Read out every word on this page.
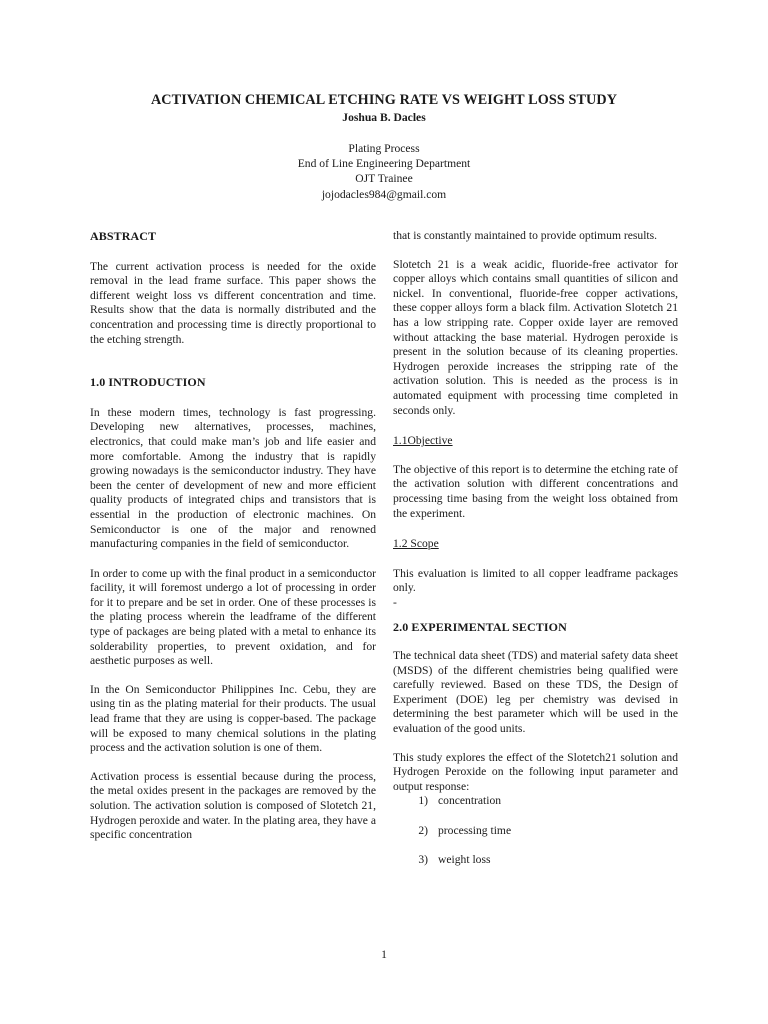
ACTIVATION CHEMICAL ETCHING RATE VS WEIGHT LOSS STUDY
Joshua B. Dacles
Plating Process
End of Line Engineering Department
OJT Trainee
jojodacles984@gmail.com
ABSTRACT

The current activation process is needed for the oxide removal in the lead frame surface. This paper shows the different weight loss vs different concentration and time. Results show that the data is normally distributed and the concentration and processing time is directly proportional to the etching strength.

1.0 INTRODUCTION

In these modern times, technology is fast progressing. Developing new alternatives, processes, machines, electronics, that could make man’s job and life easier and more comfortable. Among the industry that is rapidly growing nowadays is the semiconductor industry. They have been the center of development of new and more efficient quality products of integrated chips and transistors that is essential in the production of electronic machines. On Semiconductor is one of the major and renowned manufacturing companies in the field of semiconductor.

In order to come up with the final product in a semiconductor facility, it will foremost undergo a lot of processing in order for it to prepare and be set in order. One of these processes is the plating process wherein the leadframe of the different type of packages are being plated with a metal to enhance its solderability properties, to prevent oxidation, and for aesthetic purposes as well.

In the On Semiconductor Philippines Inc. Cebu, they are using tin as the plating material for their products. The usual lead frame that they are using is copper-based. The package will be exposed to many chemical solutions in the plating process and the activation solution is one of them.

Activation process is essential because during the process, the metal oxides present in the packages are removed by the solution. The activation solution is composed of Slotetch 21, Hydrogen peroxide and water. In the plating area, they have a specific concentration

that is constantly maintained to provide optimum results.

Slotetch 21 is a weak acidic, fluoride-free activator for copper alloys which contains small quantities of silicon and nickel. In conventional, fluoride-free copper activations, these copper alloys form a black film. Activation Slotetch 21 has a low stripping rate. Copper oxide layer are removed without attacking the base material. Hydrogen peroxide is present in the solution because of its cleaning properties. Hydrogen peroxide increases the stripping rate of the activation solution. This is needed as the process is in automated equipment with processing time completed in seconds only.

1.1Objective

The objective of this report is to determine the etching rate of the activation solution with different concentrations and processing time basing from the weight loss obtained from the experiment.

1.2 Scope

This evaluation is limited to all copper leadframe packages only.

-

2.0 EXPERIMENTAL SECTION

The technical data sheet (TDS) and material safety data sheet (MSDS) of the different chemistries being qualified were carefully reviewed. Based on these TDS, the Design of Experiment (DOE) leg per chemistry was devised in determining the best parameter which will be used in the evaluation of the good units.

This study explores the effect of the Slotetch21 solution and Hydrogen Peroxide on the following input parameter and output response:

1) concentration
2) processing time
3) weight loss
1
